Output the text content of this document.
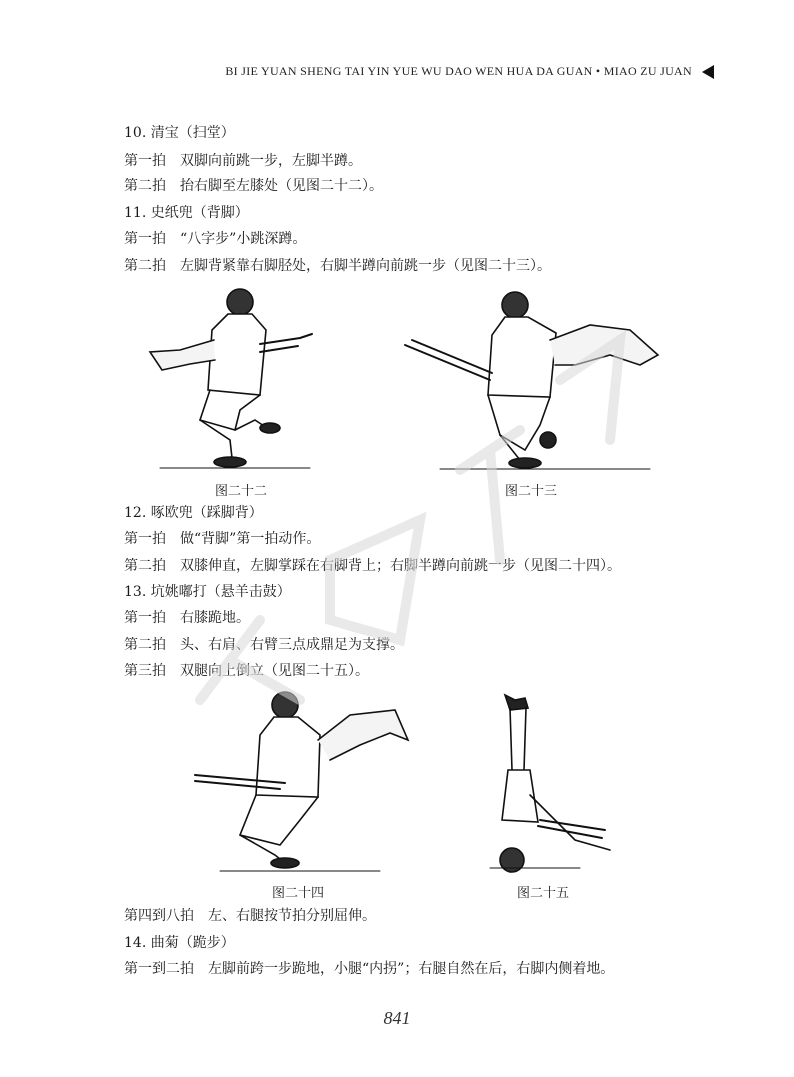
BI JIE YUAN SHENG TAI YIN YUE WU DAO WEN HUA DA GUAN • MIAO ZU JUAN
10. 清宝（扫堂）
第一拍　双脚向前跳一步，左脚半蹲。
第二拍　抬右脚至左膝处（见图二十二）。
11. 史纸兜（背脚）
第一拍　“八字步”小跳深蹲。
第二拍　左脚背紧靠右脚胫处，右脚半蹲向前跳一步（见图二十三）。
图二十二	图二十三
12. 啄欧兜（踩脚背）
第一拍　做“背脚”第一拍动作。
第二拍　双膝伸直，左脚掌踩在右脚背上；右脚半蹲向前跳一步（见图二十四）。
13. 坑姚嘟打（悬羊击鼓）
第一拍　右膝跪地。
第二拍　头、右肩、右臂三点成鼎足为支撑。
第三拍　双腿向上倒立（见图二十五）。
图二十四	图二十五
第四到八拍　左、右腿按节拍分别屈伸。
14. 曲菊（跪步）
第一到二拍　左脚前跨一步跪地，小腿“内拐”；右腿自然在后，右脚内侧着地。
841
